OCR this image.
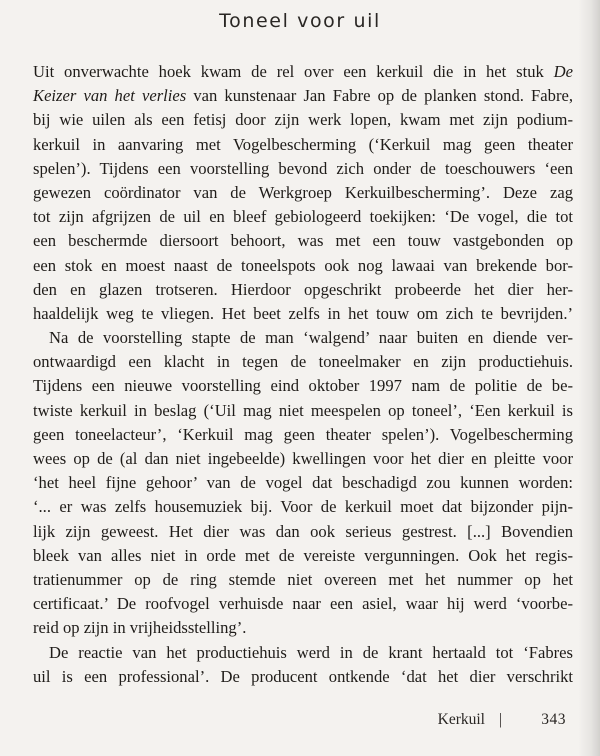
Toneel voor uil
Uit onverwachte hoek kwam de rel over een kerkuil die in het stuk De
Keizer van het verlies van kunstenaar Jan Fabre op de planken stond. Fabre,
bij wie uilen als een fetisj door zijn werk lopen, kwam met zijn podium-
kerkuil in aanvaring met Vogelbescherming (‘Kerkuil mag geen theater
spelen’). Tijdens een voorstelling bevond zich onder de toeschouwers ‘een
gewezen coördinator van de Werkgroep Kerkuilbescherming’. Deze zag
tot zijn afgrijzen de uil en bleef gebiologeerd toekijken: ‘De vogel, die tot
een beschermde diersoort behoort, was met een touw vastgebonden op
een stok en moest naast de toneelspots ook nog lawaai van brekende bor-
den en glazen trotseren. Hierdoor opgeschrikt probeerde het dier her-
haaldelijk weg te vliegen. Het beet zelfs in het touw om zich te bevrijden.’
Na de voorstelling stapte de man ‘walgend’ naar buiten en diende ver-
ontwaardigd een klacht in tegen de toneelmaker en zijn productiehuis.
Tijdens een nieuwe voorstelling eind oktober 1997 nam de politie de be-
twiste kerkuil in beslag (‘Uil mag niet meespelen op toneel’, ‘Een kerkuil is
geen toneelacteur’, ‘Kerkuil mag geen theater spelen’). Vogelbescherming
wees op de (al dan niet ingebeelde) kwellingen voor het dier en pleitte voor
‘het heel fijne gehoor’ van de vogel dat beschadigd zou kunnen worden:
‘... er was zelfs housemuziek bij. Voor de kerkuil moet dat bijzonder pijn-
lijk zijn geweest. Het dier was dan ook serieus gestrest. [...] Bovendien
bleek van alles niet in orde met de vereiste vergunningen. Ook het regis-
tratienummer op de ring stemde niet overeen met het nummer op het
certificaat.’ De roofvogel verhuisde naar een asiel, waar hij werd ‘voorbe-
reid op zijn in vrijheidsstelling’.
De reactie van het productiehuis werd in de krant hertaald tot ‘Fabres
uil is een professional’. De producent ontkende ‘dat het dier verschrikt
Kerkuil |	343
